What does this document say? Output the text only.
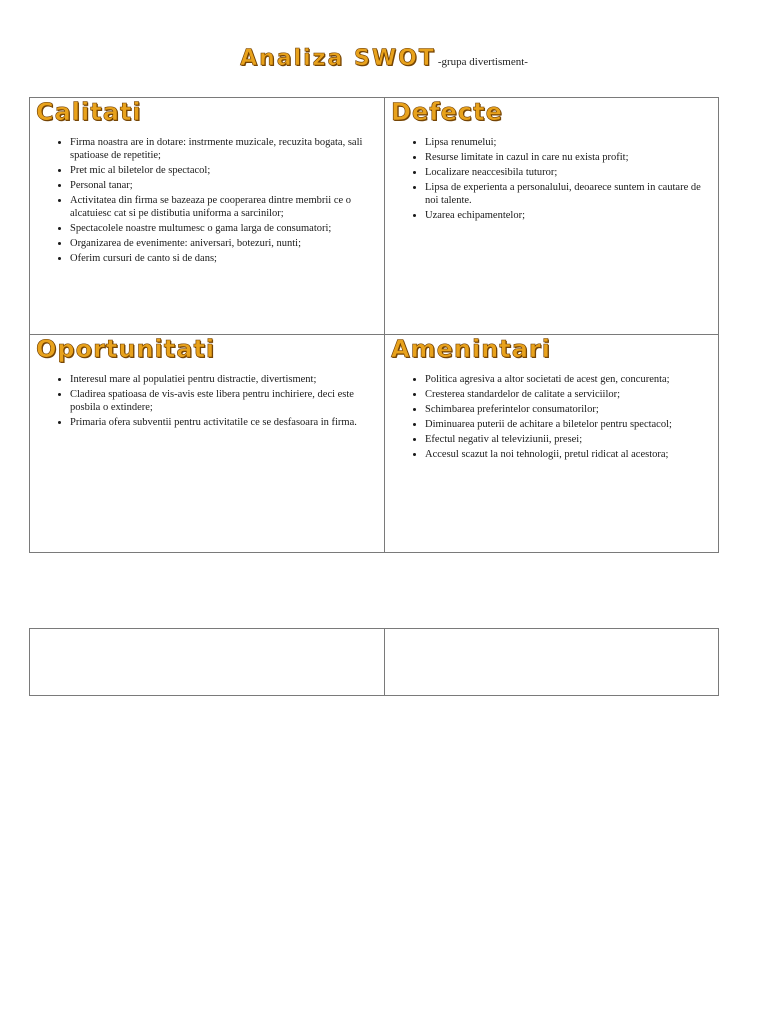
Analiza SWOT -grupa divertisment-
Calitati
• Firma noastra are in dotare: instrmente muzicale, recuzita bogata, sali spatioase de repetitie;
• Pret mic al biletelor de spectacol;
• Personal tanar;
• Activitatea din firma se bazeaza pe cooperarea dintre membrii ce o alcatuiesc cat si pe distibutia uniforma a sarcinilor;
• Spectacolele noastre multumesc o gama larga de consumatori;
• Organizarea de evenimente: aniversari, botezuri, nunti;
• Oferim cursuri de canto si de dans;
Defecte
• Lipsa renumelui;
• Resurse limitate in cazul in care nu exista profit;
• Localizare neaccesibila tuturor;
• Lipsa de experienta a personalului, deoarece suntem in cautare de noi talente.
• Uzarea echipamentelor;
Oportunitati
• Interesul mare al populatiei pentru distractie, divertisment;
• Cladirea spatioasa de vis-avis este libera pentru inchiriere, deci este posbila o extindere;
• Primaria ofera subventii pentru activitatile ce se desfasoara in firma.
Amenintari
• Politica agresiva a altor societati de acest gen, concurenta;
• Cresterea standardelor de calitate a serviciilor;
• Schimbarea preferintelor consumatorilor;
• Diminuarea puterii de achitare a biletelor pentru spectacol;
• Efectul negativ al televiziunii, presei;
• Accesul scazut la noi tehnologii, pretul ridicat al acestora;
